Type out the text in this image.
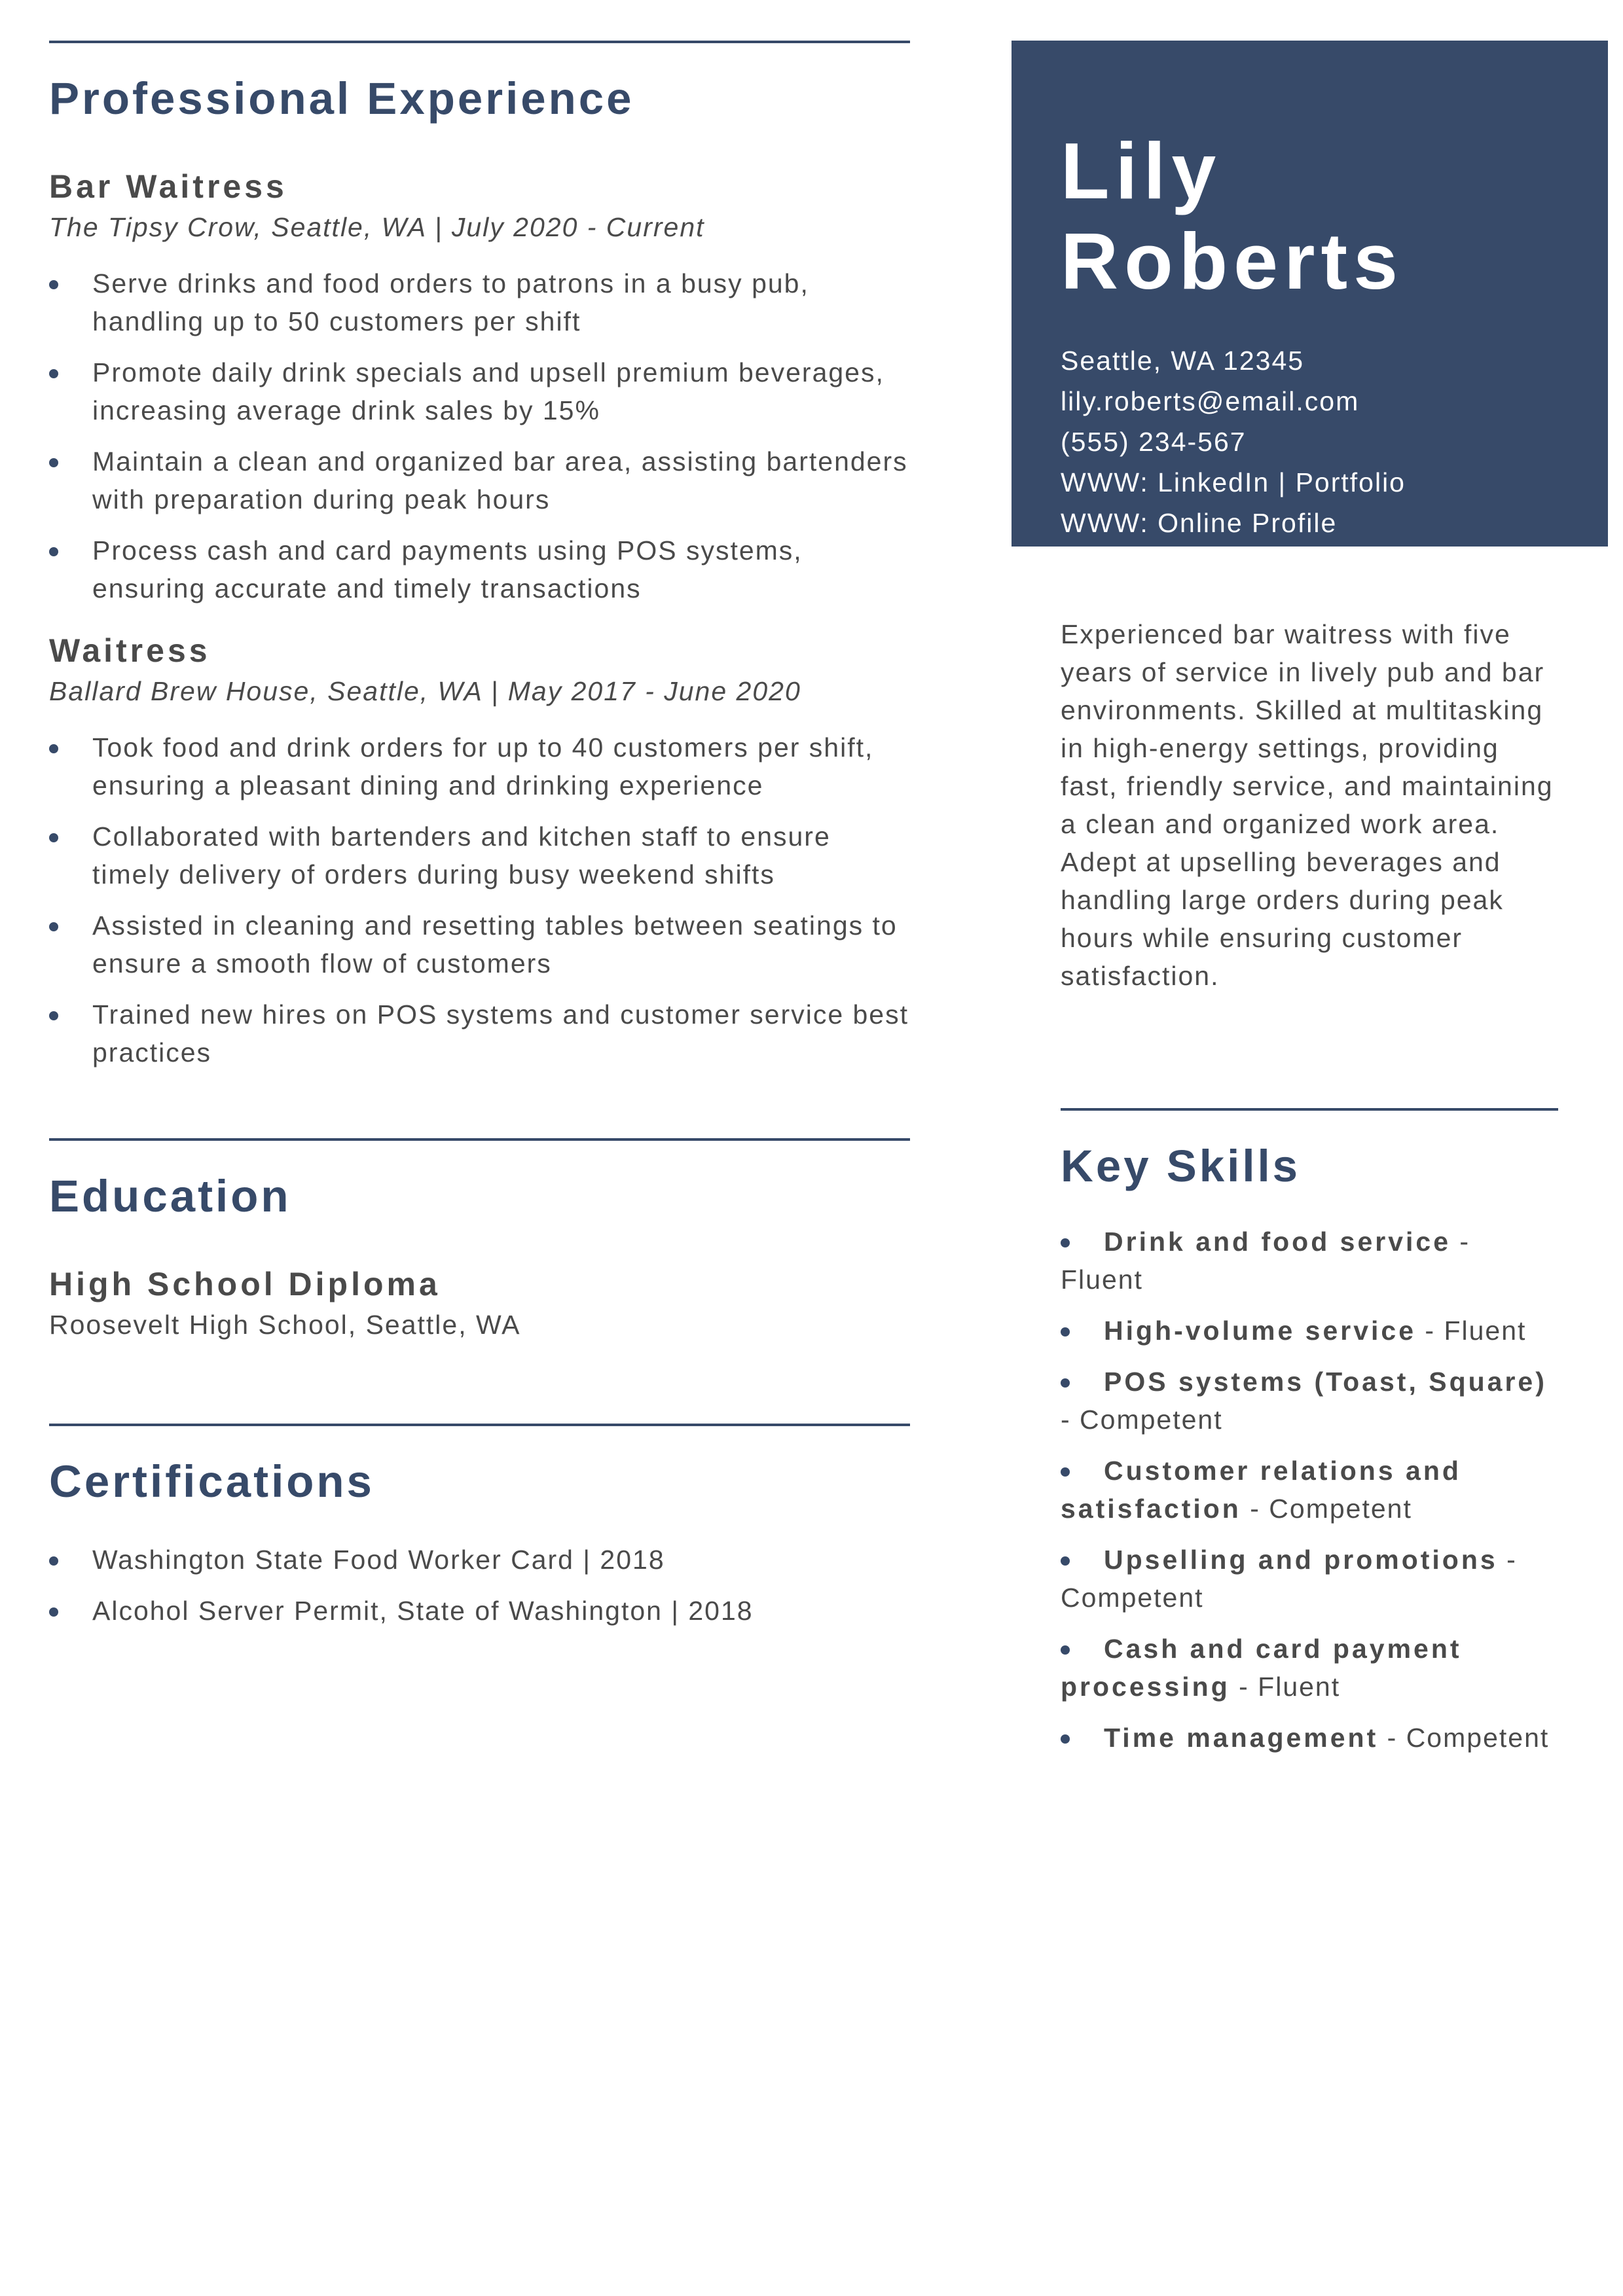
Professional Experience
Bar Waitress

The Tipsy Crow, Seattle, WA | July 2020 - Current

Serve drinks and food orders to patrons in a busy pub, handling up to 50 customers per shift
Promote daily drink specials and upsell premium beverages, increasing average drink sales by 15%
Maintain a clean and organized bar area, assisting bartenders with preparation during peak hours
Process cash and card payments using POS systems, ensuring accurate and timely transactions
Waitress

Ballard Brew House, Seattle, WA | May 2017 - June 2020

Took food and drink orders for up to 40 customers per shift, ensuring a pleasant dining and drinking experience
Collaborated with bartenders and kitchen staff to ensure timely delivery of orders during busy weekend shifts
Assisted in cleaning and resetting tables between seatings to ensure a smooth flow of customers
Trained new hires on POS systems and customer service best practices
Education
High School Diploma

Roosevelt High School, Seattle, WA

Certifications
Washington State Food Worker Card | 2018
Alcohol Server Permit, State of Washington | 2018

Lily

Roberts

Seattle, WA 12345
lily.roberts@email.com
(555) 234-567
WWW: LinkedIn | Portfolio
WWW: Online Profile

Experienced bar waitress with five years of service in lively pub and bar environments. Skilled at multitasking in high-energy settings, providing fast, friendly service, and maintaining a clean and organized work area. Adept at upselling beverages and handling large orders during peak hours while ensuring customer satisfaction.

Key Skills
Drink and food service - Fluent
High-volume service - Fluent
POS systems (Toast, Square) - Competent
Customer relations and satisfaction - Competent
Upselling and promotions - Competent
Cash and card payment processing - Fluent
Time management - Competent
